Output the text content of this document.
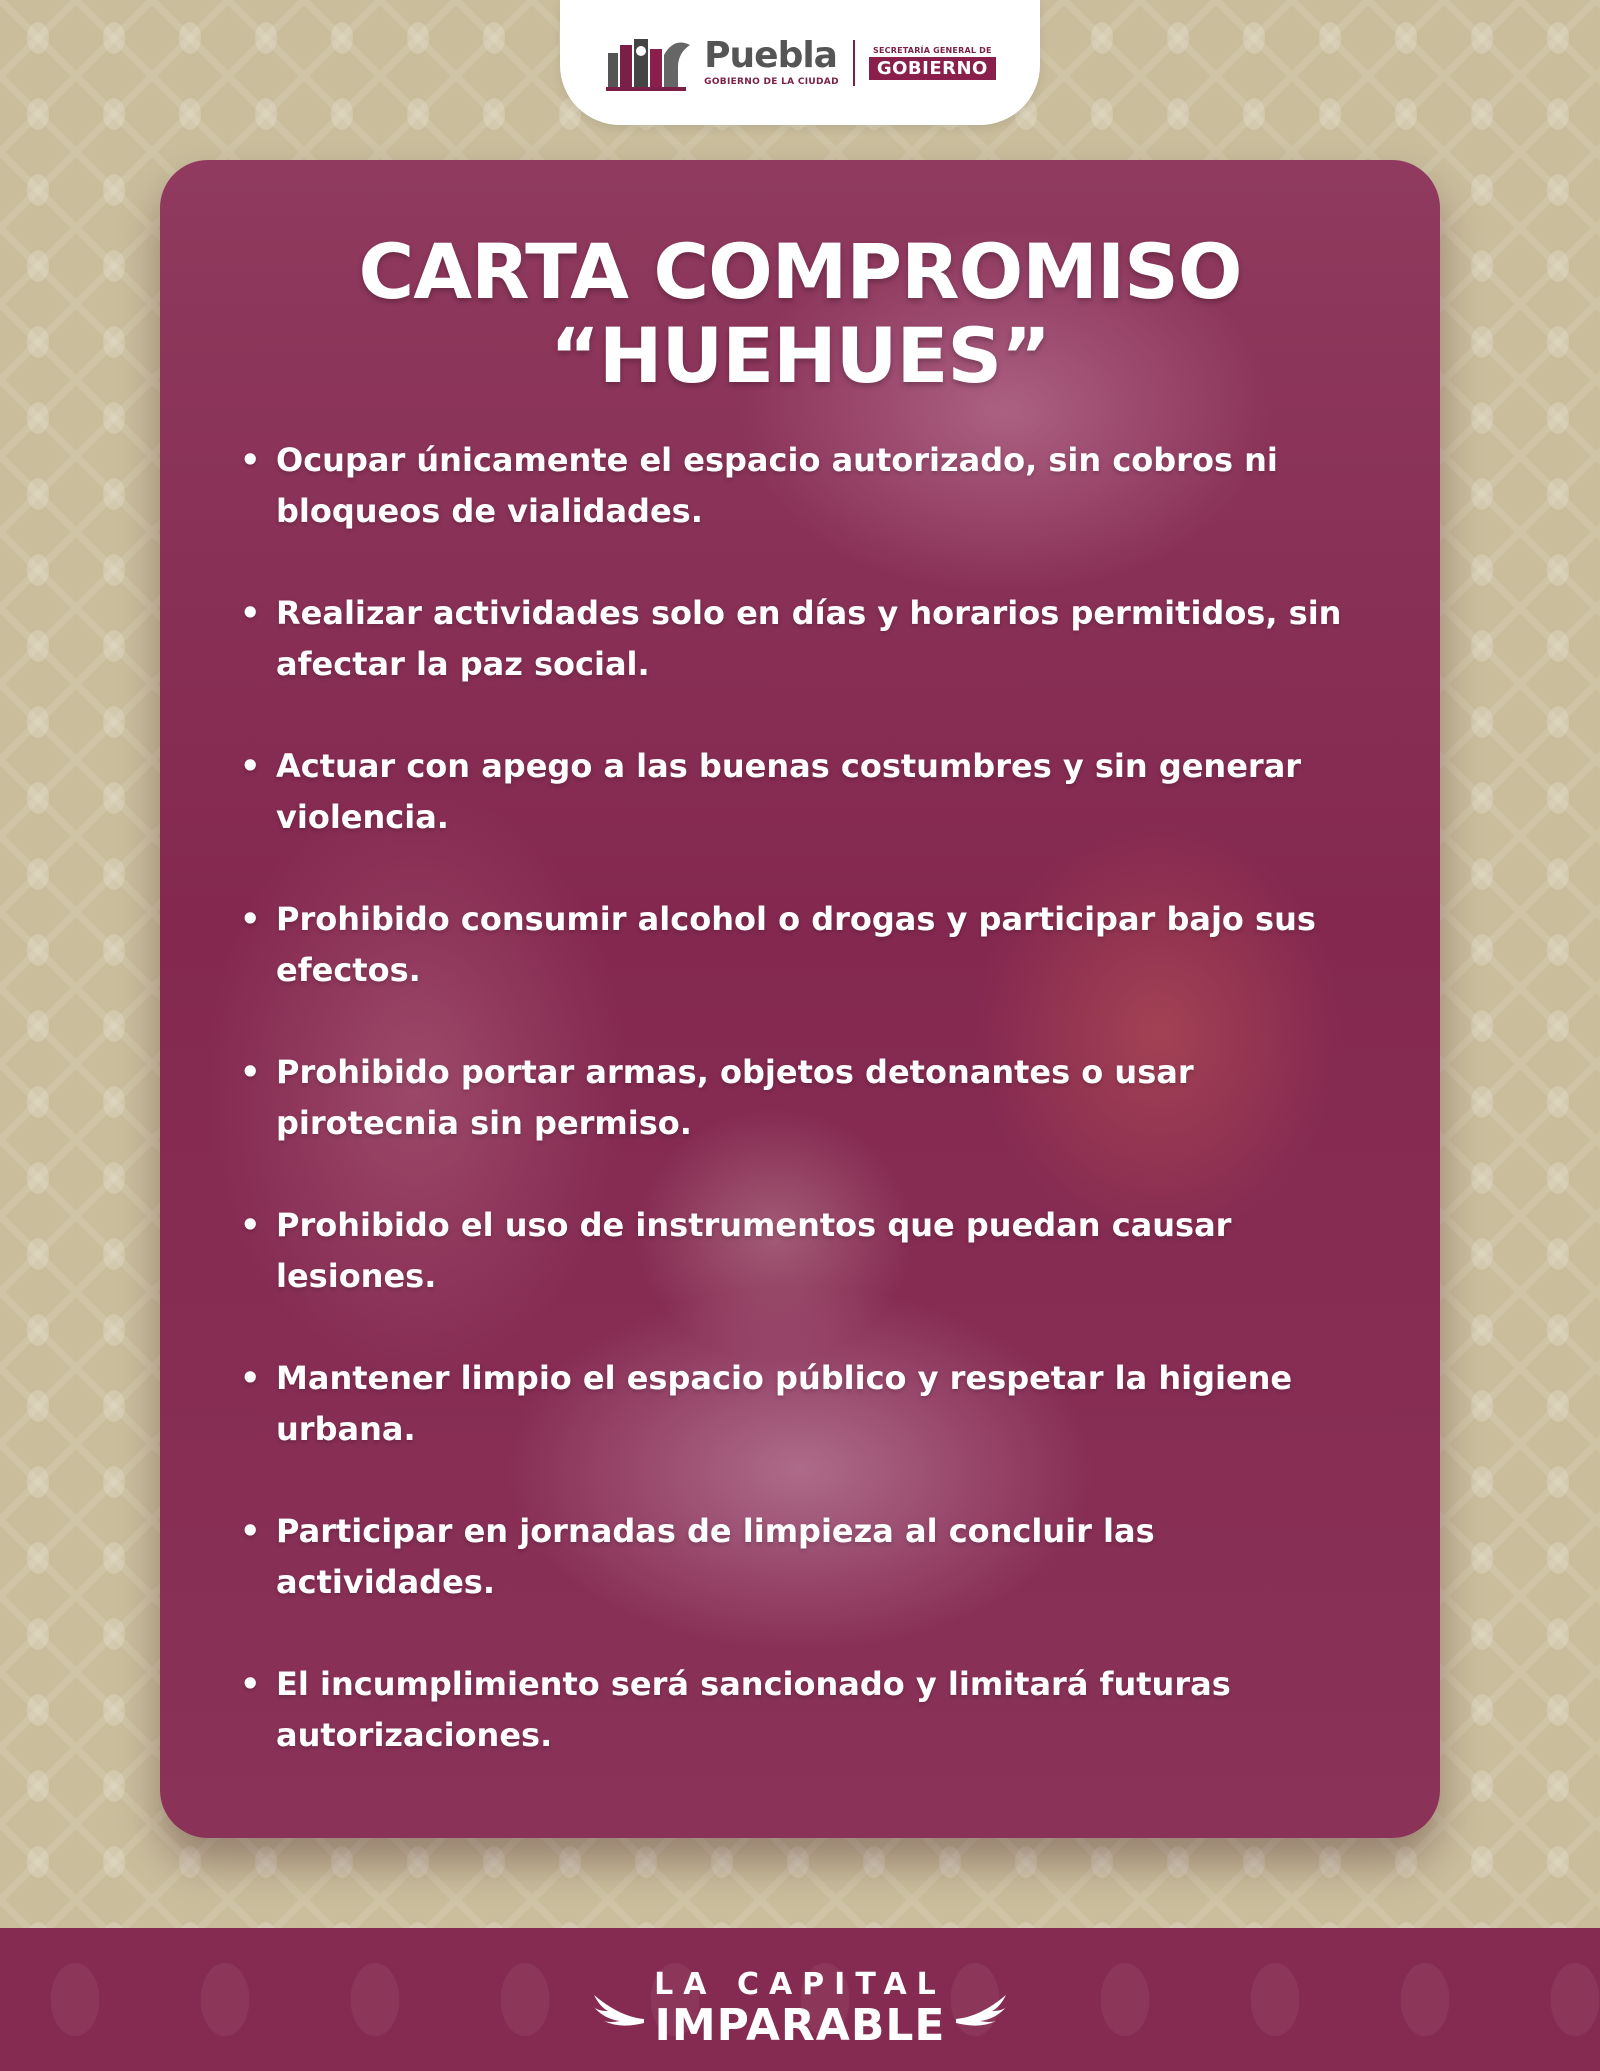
Puebla
GOBIERNO DE LA CIUDAD
SECRETARÍA GENERAL DE
GOBIERNO
CARTA COMPROMISO
“HUEHUES”
• Ocupar únicamente el espacio autorizado, sin cobros ni
bloqueos de vialidades.
• Realizar actividades solo en días y horarios permitidos, sin
afectar la paz social.
• Actuar con apego a las buenas costumbres y sin generar
violencia.
• Prohibido consumir alcohol o drogas y participar bajo sus
efectos.
• Prohibido portar armas, objetos detonantes o usar
pirotecnia sin permiso.
• Prohibido el uso de instrumentos que puedan causar
lesiones.
• Mantener limpio el espacio público y respetar la higiene
urbana.
• Participar en jornadas de limpieza al concluir las
actividades.
• El incumplimiento será sancionado y limitará futuras
autorizaciones.
LA CAPITAL
IMPARABLE
